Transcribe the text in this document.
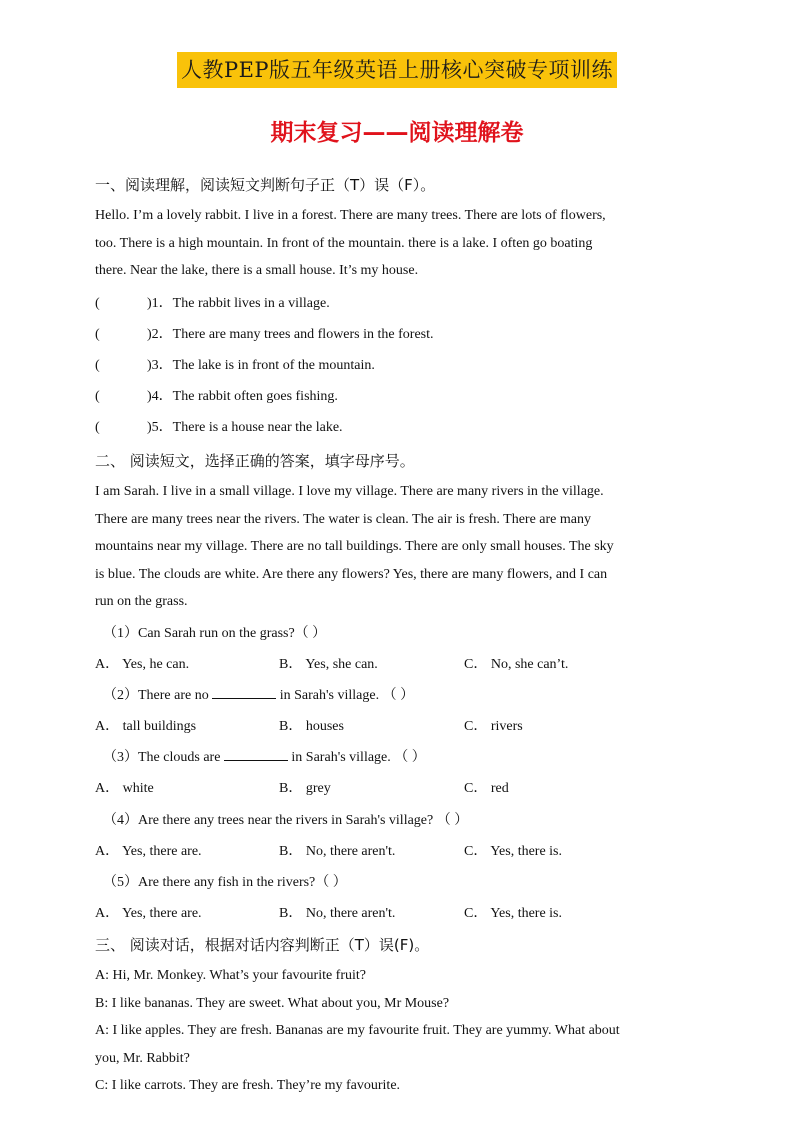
人教PEP版五年级英语上册核心突破专项训练
期末复习——阅读理解卷
一、阅读理解，阅读短文判断句子正（T）误（F）。
Hello. I’m a lovely rabbit. I live in a forest. There are many trees. There are lots of flowers,
too. There is a high mountain. In front of the mountain. there is a lake. I often go boating
there. Near the lake, there is a small house. It’s my house.
(	)1．The rabbit lives in a village.
(	)2．There are many trees and flowers in the forest.
(	)3．The lake is in front of the mountain.
(	)4．The rabbit often goes fishing.
(	)5．There is a house near the lake.
二、 阅读短文，选择正确的答案，填字母序号。
I am Sarah. I live in a small village. I love my village. There are many rivers in the village.
There are many trees near the rivers. The water is clean. The air is fresh. There are many
mountains near my village. There are no tall buildings. There are only small houses. The sky
is blue. The clouds are white. Are there any flowers? Yes, there are many flowers, and I can
run on the grass.
（1）Can Sarah run on the grass?（ ）
A． Yes, he can.	B． Yes, she can.	C． No, she can’t.
（2）There are no	in Sarah's village. （ ）
A． tall buildings	B． houses	C． rivers
（3）The clouds are	in Sarah's village. （ ）
A． white	B． grey	C． red
（4）Are there any trees near the rivers in Sarah's village? （ ）
A． Yes, there are.	B． No, there aren't.	C． Yes, there is.
（5）Are there any fish in the rivers?（ ）
A． Yes, there are.	B． No, there aren't.	C． Yes, there is.
三、 阅读对话，根据对话内容判断正（T）误(F)。
A: Hi, Mr. Monkey. What’s your favourite fruit?
B: I like bananas. They are sweet. What about you, Mr Mouse?
A: I like apples. They are fresh. Bananas are my favourite fruit. They are yummy. What about
you, Mr. Rabbit?
C: I like carrots. They are fresh. They’re my favourite.
